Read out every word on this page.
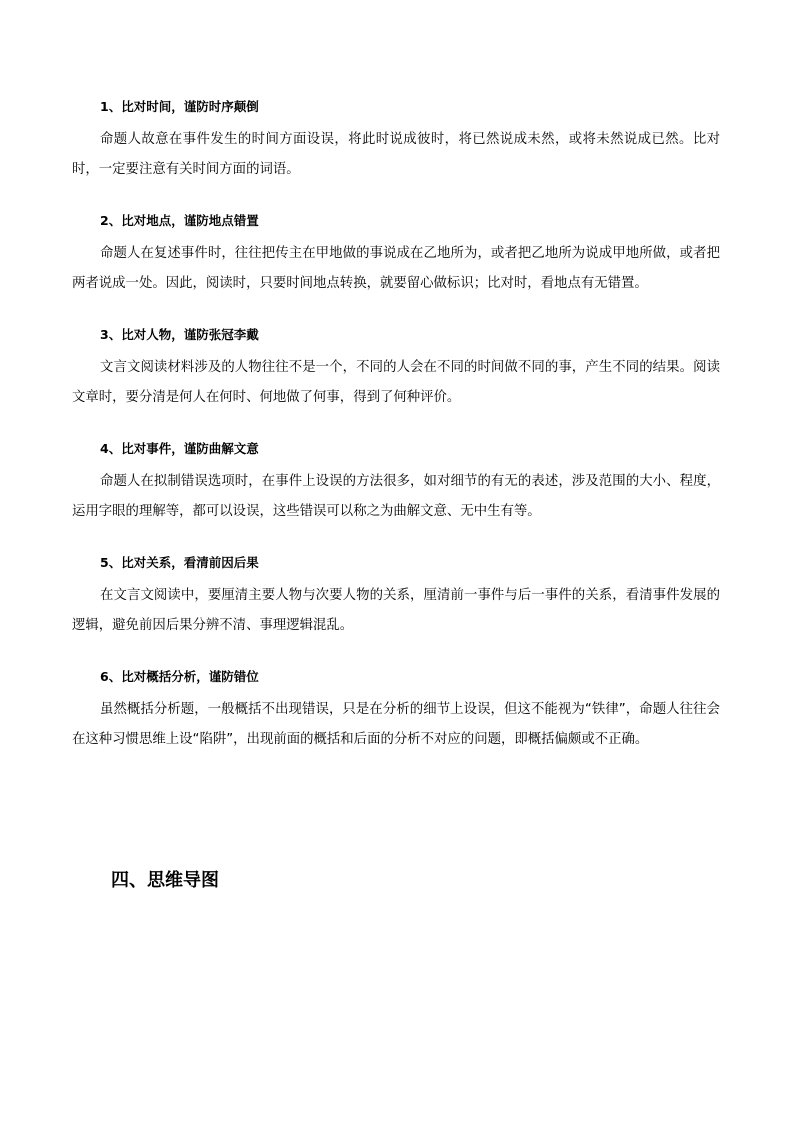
1、比对时间，谨防时序颠倒

命题人故意在事件发生的时间方面设误，将此时说成彼时，将已然说成未然，或将未然说成已然。比对时，一定要注意有关时间方面的词语。

2、比对地点，谨防地点错置

命题人在复述事件时，往往把传主在甲地做的事说成在乙地所为，或者把乙地所为说成甲地所做，或者把两者说成一处。因此，阅读时，只要时间地点转换，就要留心做标识；比对时，看地点有无错置。

3、比对人物，谨防张冠李戴

文言文阅读材料涉及的人物往往不是一个，不同的人会在不同的时间做不同的事，产生不同的结果。阅读文章时，要分清是何人在何时、何地做了何事，得到了何种评价。

4、比对事件，谨防曲解文意

命题人在拟制错误选项时，在事件上设误的方法很多，如对细节的有无的表述，涉及范围的大小、程度，运用字眼的理解等，都可以设误，这些错误可以称之为曲解文意、无中生有等。

5、比对关系，看清前因后果

在文言文阅读中，要厘清主要人物与次要人物的关系，厘清前一事件与后一事件的关系，看清事件发展的逻辑，避免前因后果分辨不清、事理逻辑混乱。

6、比对概括分析，谨防错位

虽然概括分析题，一般概括不出现错误，只是在分析的细节上设误，但这不能视为“铁律”，命题人往往会在这种习惯思维上设“陷阱”，出现前面的概括和后面的分析不对应的问题，即概括偏颇或不正确。

四、思维导图
